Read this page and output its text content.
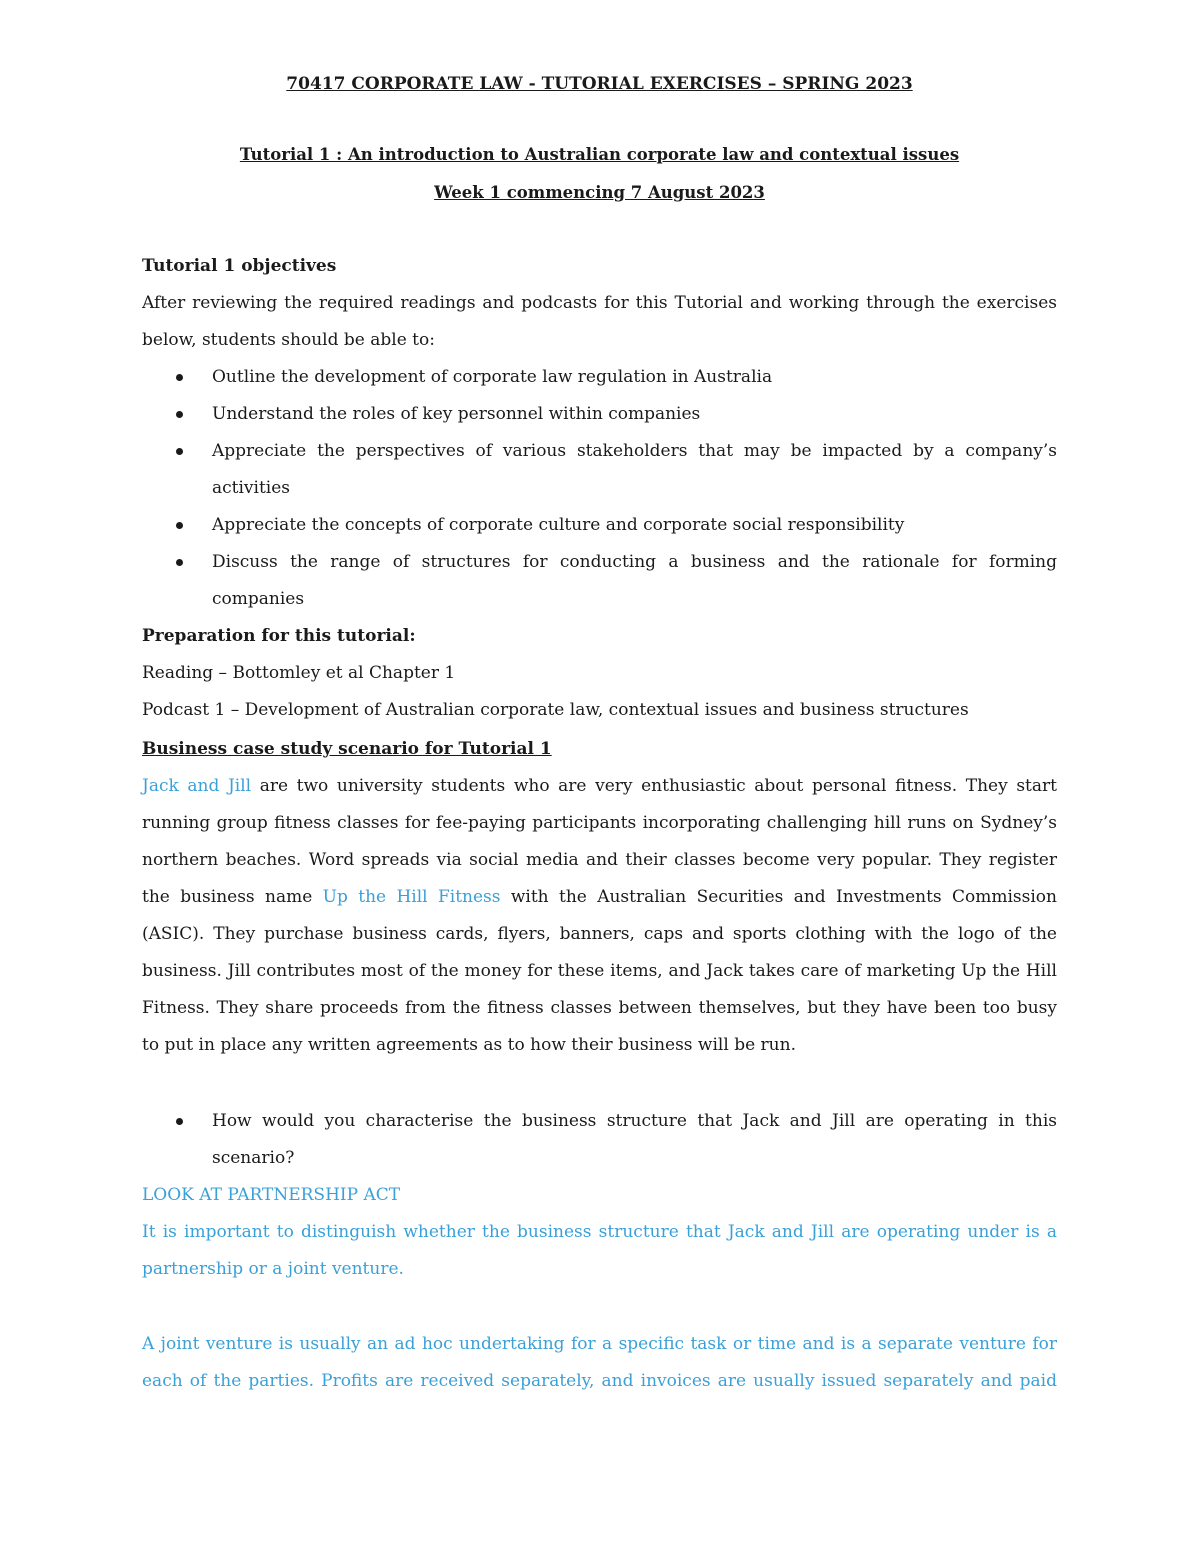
70417 CORPORATE LAW - TUTORIAL EXERCISES – SPRING 2023
Tutorial 1 : An introduction to Australian corporate law and contextual issues
Week 1 commencing 7 August 2023

Tutorial 1 objectives

After reviewing the required readings and podcasts for this Tutorial and working through the exercises below, students should be able to:

Outline the development of corporate law regulation in Australia
Understand the roles of key personnel within companies
Appreciate the perspectives of various stakeholders that may be impacted by a company’s activities
Appreciate the concepts of corporate culture and corporate social responsibility
Discuss the range of structures for conducting a business and the rationale for forming companies

Preparation for this tutorial:

Reading – Bottomley et al Chapter 1

Podcast 1 – Development of Australian corporate law, contextual issues and business structures

Business case study scenario for Tutorial 1

Jack and Jill are two university students who are very enthusiastic about personal fitness. They start running group fitness classes for fee-paying participants incorporating challenging hill runs on Sydney’s northern beaches. Word spreads via social media and their classes become very popular. They register the business name Up the Hill Fitness with the Australian Securities and Investments Commission (ASIC). They purchase business cards, flyers, banners, caps and sports clothing with the logo of the business. Jill contributes most of the money for these items, and Jack takes care of marketing Up the Hill Fitness. They share proceeds from the fitness classes between themselves, but they have been too busy to put in place any written agreements as to how their business will be run.

How would you characterise the business structure that Jack and Jill are operating in this scenario?

LOOK AT PARTNERSHIP ACT

It is important to distinguish whether the business structure that Jack and Jill are operating under is a partnership or a joint venture.

A joint venture is usually an ad hoc undertaking for a specific task or time and is a separate venture for each of the parties. Profits are received separately, and invoices are usually issued separately and paid
